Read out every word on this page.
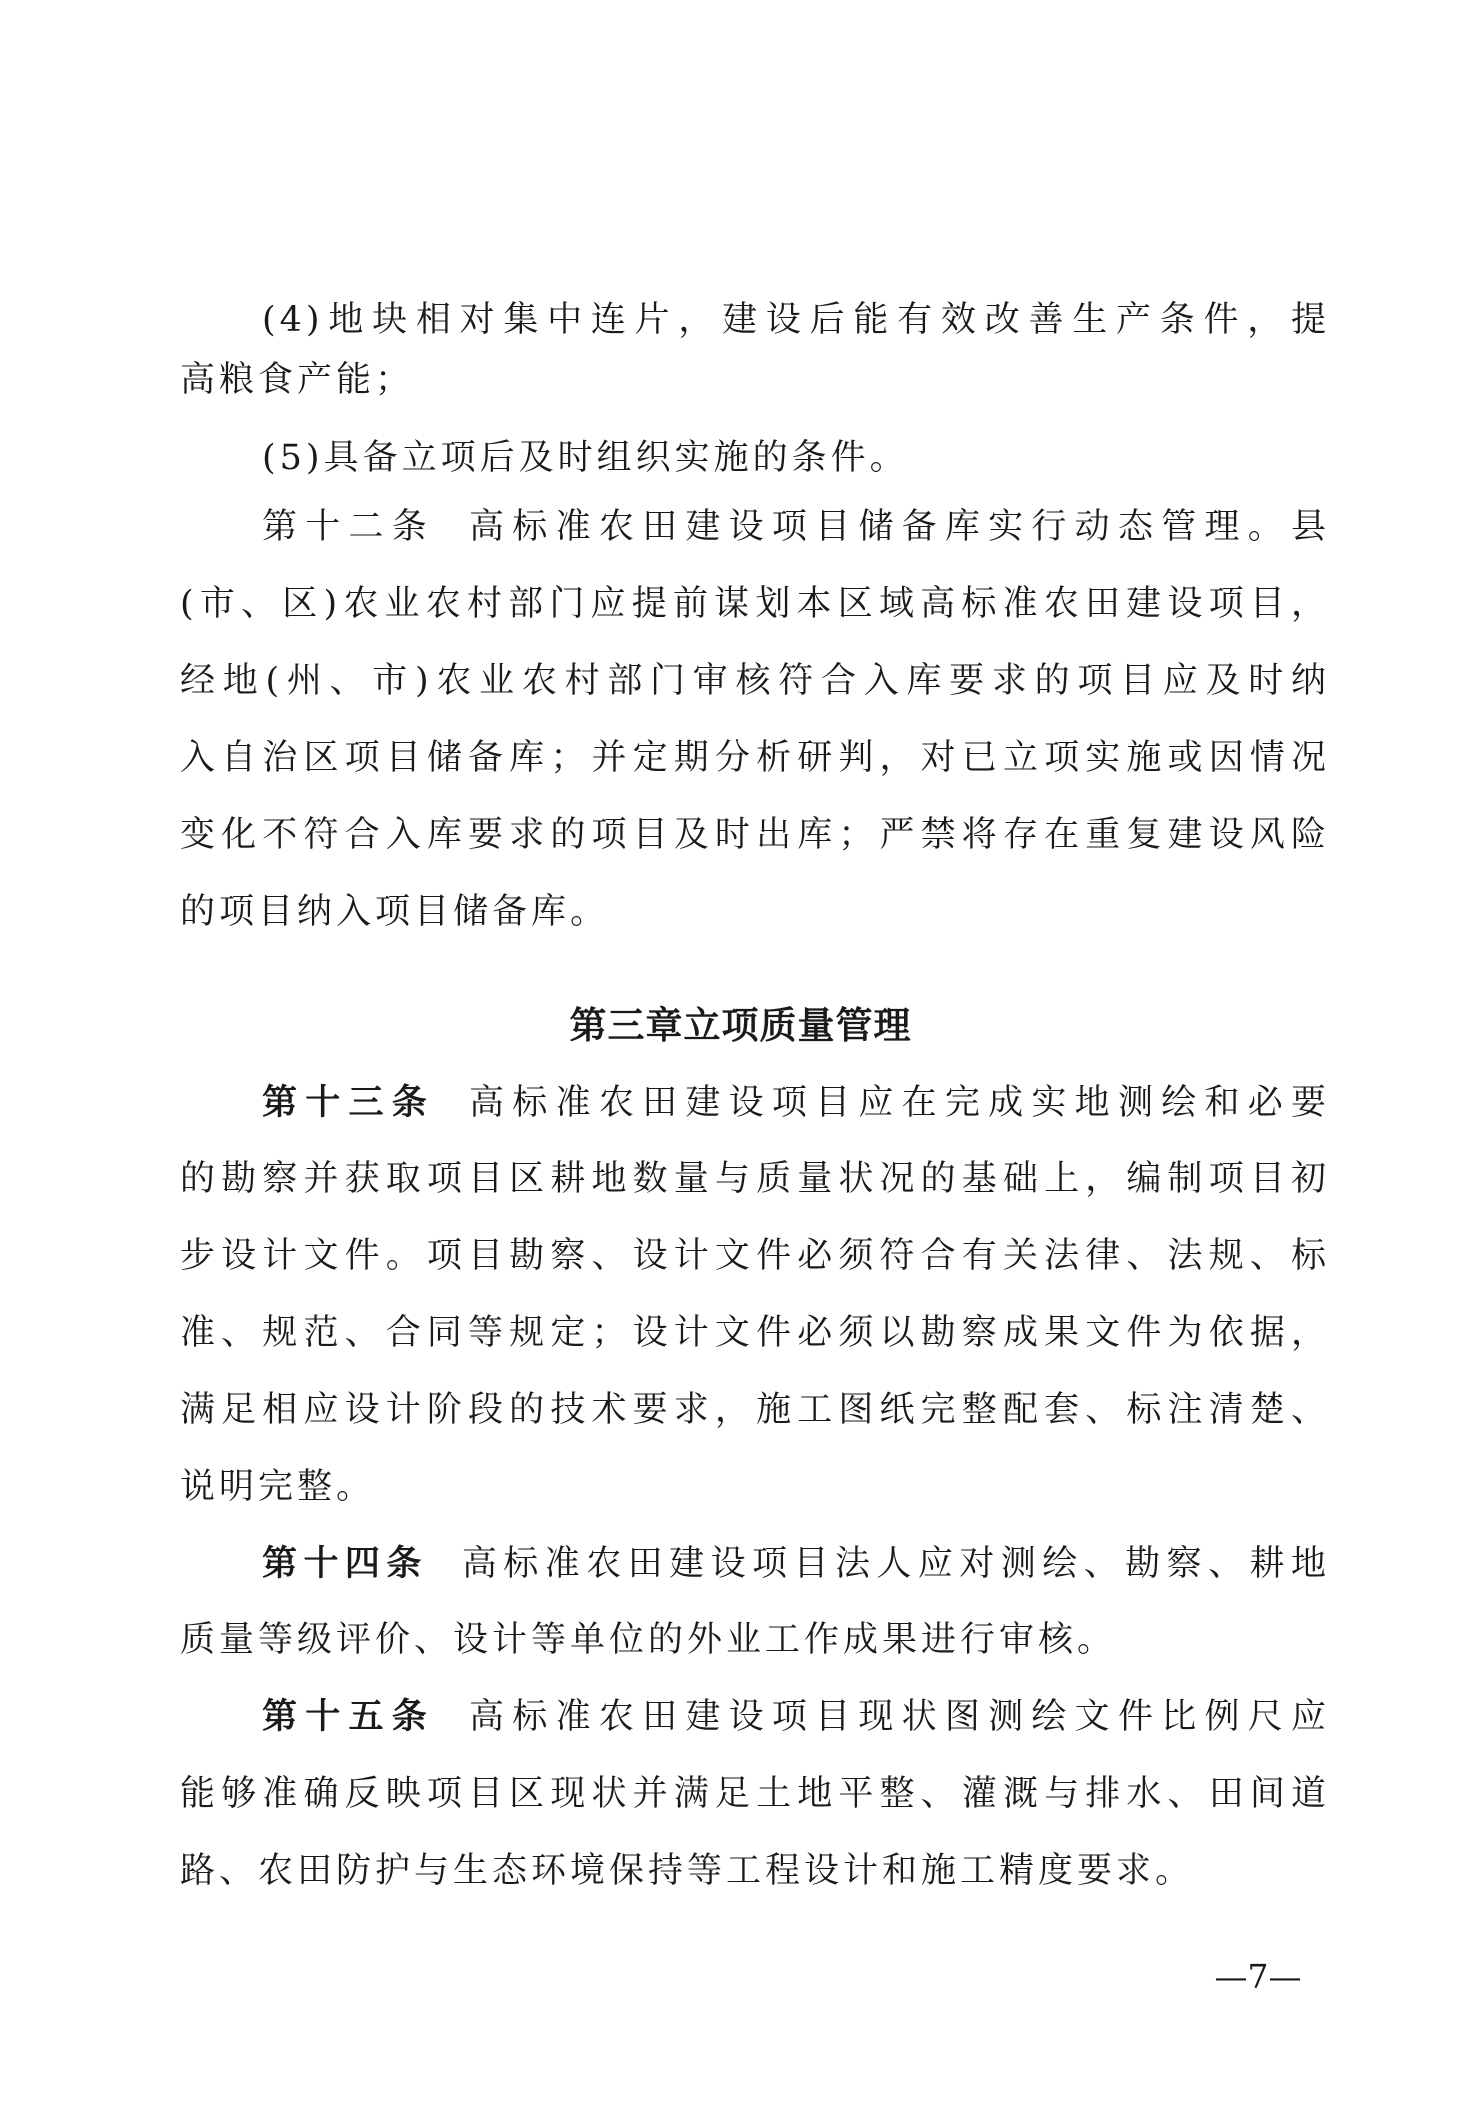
(4)地块相对集中连片，建设后能有效改善生产条件，提
高粮食产能；
(5)具备立项后及时组织实施的条件。
第十二条 高标准农田建设项目储备库实行动态管理。县
(市、区)农业农村部门应提前谋划本区域高标准农田建设项目，
经地(州、市)农业农村部门审核符合入库要求的项目应及时纳
入自治区项目储备库；并定期分析研判，对已立项实施或因情况
变化不符合入库要求的项目及时出库；严禁将存在重复建设风险
的项目纳入项目储备库。
第三章立项质量管理
第十三条 高标准农田建设项目应在完成实地测绘和必要
的勘察并获取项目区耕地数量与质量状况的基础上，编制项目初
步设计文件。项目勘察、设计文件必须符合有关法律、法规、标
准、规范、合同等规定；设计文件必须以勘察成果文件为依据，
满足相应设计阶段的技术要求，施工图纸完整配套、标注清楚、
说明完整。
第十四条 高标准农田建设项目法人应对测绘、勘察、耕地
质量等级评价、设计等单位的外业工作成果进行审核。
第十五条 高标准农田建设项目现状图测绘文件比例尺应
能够准确反映项目区现状并满足土地平整、灌溉与排水、田间道
路、农田防护与生态环境保持等工程设计和施工精度要求。
—7—
